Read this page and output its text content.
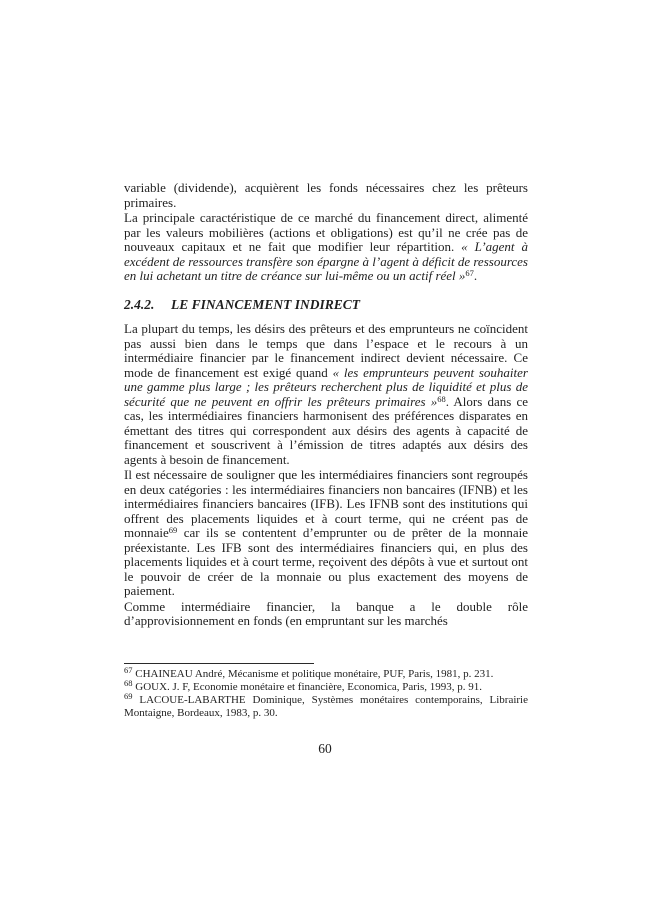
variable (dividende), acquièrent les fonds nécessaires chez les prêteurs primaires.

La principale caractéristique de ce marché du financement direct, alimenté par les valeurs mobilières (actions et obligations) est qu’il ne crée pas de nouveaux capitaux et ne fait que modifier leur répartition. « L’agent à excédent de ressources transfère son épargne à l’agent à déficit de ressources en lui achetant un titre de créance sur lui-même ou un actif réel »$^{67}$.

2.4.2. LE FINANCEMENT INDIRECT

La plupart du temps, les désirs des prêteurs et des emprunteurs ne coïncident pas aussi bien dans le temps que dans l’espace et le recours à un intermédiaire financier par le financement indirect devient nécessaire. Ce mode de financement est exigé quand « les emprunteurs peuvent souhaiter une gamme plus large ; les prêteurs recherchent plus de liquidité et plus de sécurité que ne peuvent en offrir les prêteurs primaires »$^{68}$. Alors dans ce cas, les intermédiaires financiers harmonisent des préférences disparates en émettant des titres qui correspondent aux désirs des agents à capacité de financement et souscrivent à l’émission de titres adaptés aux désirs des agents à besoin de financement.

Il est nécessaire de souligner que les intermédiaires financiers sont regroupés en deux catégories : les intermédiaires financiers non bancaires (IFNB) et les intermédiaires financiers bancaires (IFB). Les IFNB sont des institutions qui offrent des placements liquides et à court terme, qui ne créent pas de monnaie$^{69}$ car ils se contentent d’emprunter ou de prêter de la monnaie préexistante. Les IFB sont des intermédiaires financiers qui, en plus des placements liquides et à court terme, reçoivent des dépôts à vue et surtout ont le pouvoir de créer de la monnaie ou plus exactement des moyens de paiement.

Comme intermédiaire financier, la banque a le double rôle d’approvisionnement en fonds (en empruntant sur les marchés

$^{67}$ CHAINEAU André, Mécanisme et politique monétaire, PUF, Paris, 1981, p. 231.

$^{68}$ GOUX. J. F, Economie monétaire et financière, Economica, Paris, 1993, p. 91.

$^{69}$ LACOUE-LABARTHE Dominique, Systèmes monétaires contemporains, Librairie Montaigne, Bordeaux, 1983, p. 30.

60
